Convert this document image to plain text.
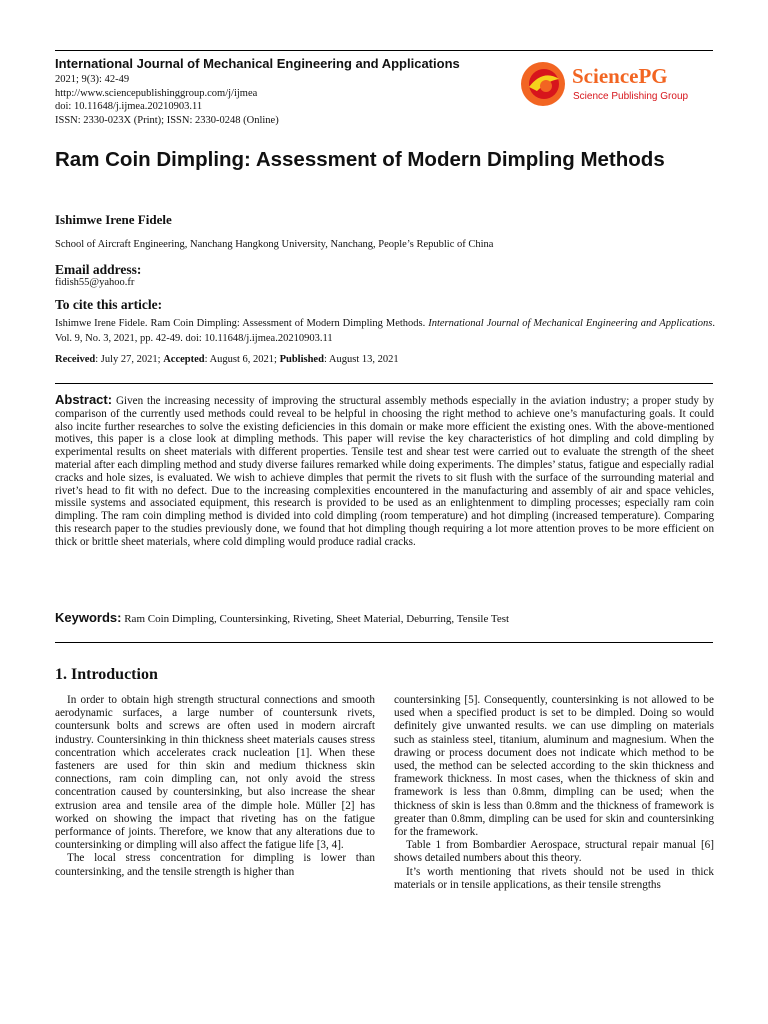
International Journal of Mechanical Engineering and Applications
2021; 9(3): 42-49
http://www.sciencepublishinggroup.com/j/ijmea
doi: 10.11648/j.ijmea.20210903.11
ISSN: 2330-023X (Print); ISSN: 2330-0248 (Online)
SciencePG
Science Publishing Group
Ram Coin Dimpling: Assessment of Modern Dimpling Methods
Ishimwe Irene Fidele
School of Aircraft Engineering, Nanchang Hangkong University, Nanchang, People’s Republic of China
Email address:
fidish55@yahoo.fr
To cite this article:
Ishimwe Irene Fidele. Ram Coin Dimpling: Assessment of Modern Dimpling Methods. International Journal of Mechanical Engineering and Applications. Vol. 9, No. 3, 2021, pp. 42-49. doi: 10.11648/j.ijmea.20210903.11
Received: July 27, 2021; Accepted: August 6, 2021; Published: August 13, 2021
Abstract: Given the increasing necessity of improving the structural assembly methods especially in the aviation industry; a proper study by comparison of the currently used methods could reveal to be helpful in choosing the right method to achieve one’s manufacturing goals. It could also incite further researches to solve the existing deficiencies in this domain or make more efficient the existing ones. With the above-mentioned motives, this paper is a close look at dimpling methods. This paper will revise the key characteristics of hot dimpling and cold dimpling by experimental results on sheet materials with different properties. Tensile test and shear test were carried out to evaluate the strength of the sheet material after each dimpling method and study diverse failures remarked while doing experiments. The dimples’ status, fatigue and especially radial cracks and hole sizes, is evaluated. We wish to achieve dimples that permit the rivets to sit flush with the surface of the surrounding material and rivet’s head to fit with no defect. Due to the increasing complexities encountered in the manufacturing and assembly of air and space vehicles, missile systems and associated equipment, this research is provided to be used as an enlightenment to dimpling processes; especially ram coin dimpling. The ram coin dimpling method is divided into cold dimpling (room temperature) and hot dimpling (increased temperature). Comparing this research paper to the studies previously done, we found that hot dimpling though requiring a lot more attention proves to be more efficient on thick or brittle sheet materials, where cold dimpling would produce radial cracks.
Keywords: Ram Coin Dimpling, Countersinking, Riveting, Sheet Material, Deburring, Tensile Test
1. Introduction

In order to obtain high strength structural connections and smooth aerodynamic surfaces, a large number of countersunk rivets, countersunk bolts and screws are often used in modern aircraft industry. Countersinking in thin thickness sheet materials causes stress concentration which accelerates crack nucleation [1]. When these fasteners are used for thin skin and medium thickness skin connections, ram coin dimpling can, not only avoid the stress concentration caused by countersinking, but also increase the shear extrusion area and tensile area of the dimple hole. Müller [2] has worked on showing the impact that riveting has on the fatigue performance of joints. Therefore, we know that any alterations due to countersinking or dimpling will also affect the fatigue life [3, 4].

The local stress concentration for dimpling is lower than countersinking, and the tensile strength is higher than

countersinking [5]. Consequently, countersinking is not allowed to be used when a specified product is set to be dimpled. Doing so would definitely give unwanted results. we can use dimpling on materials such as stainless steel, titanium, aluminum and magnesium. When the drawing or process document does not indicate which method to be used, the method can be selected according to the skin thickness and framework thickness. In most cases, when the thickness of skin and framework is less than 0.8mm, dimpling can be used; when the thickness of skin is less than 0.8mm and the thickness of framework is greater than 0.8mm, dimpling can be used for skin and countersinking for the framework.

Table 1 from Bombardier Aerospace, structural repair manual [6] shows detailed numbers about this theory.

It’s worth mentioning that rivets should not be used in thick materials or in tensile applications, as their tensile strengths
